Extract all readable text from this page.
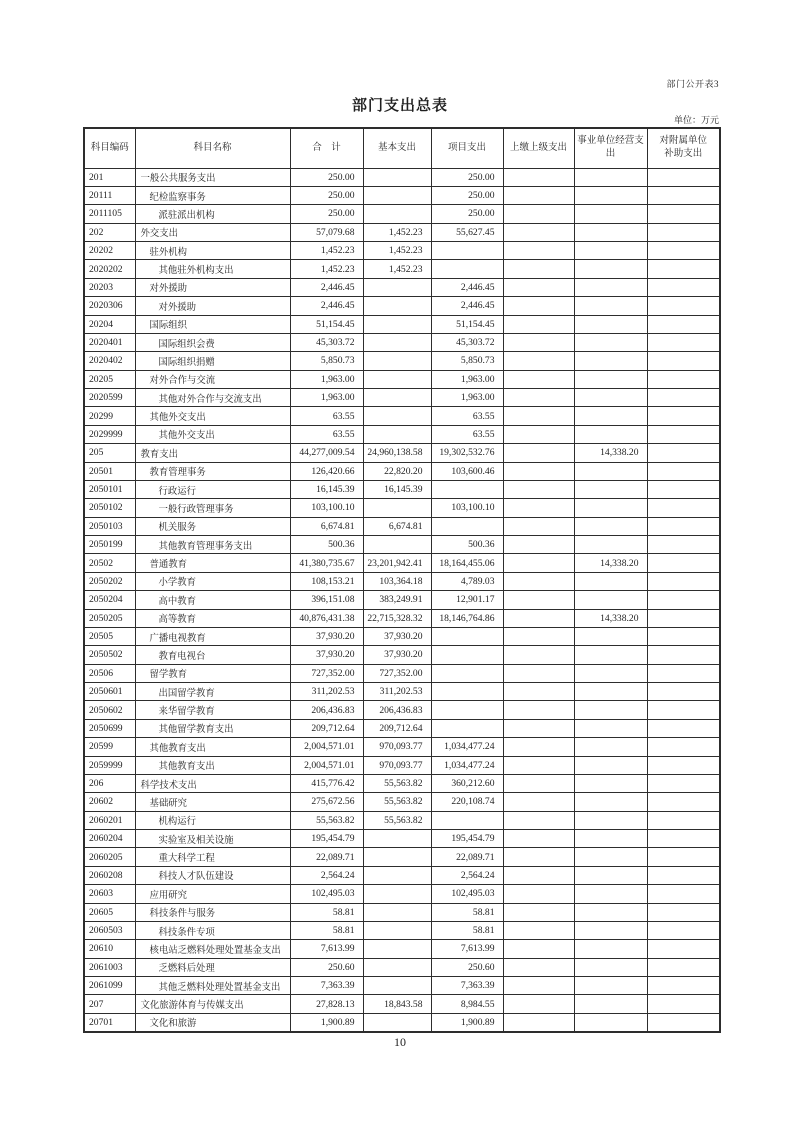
部门公开表3
部门支出总表
单位：万元
科目编码	科目名称	合　计	基本支出	项目支出	上缴上级支出	事业单位经营支出	对附属单位补助支出
201	一般公共服务支出	250.00		250.00			
20111	纪检监察事务	250.00		250.00			
2011105	派驻派出机构	250.00		250.00			
202	外交支出	57,079.68	1,452.23	55,627.45			
20202	驻外机构	1,452.23	1,452.23				
2020202	其他驻外机构支出	1,452.23	1,452.23				
20203	对外援助	2,446.45		2,446.45			
2020306	对外援助	2,446.45		2,446.45			
20204	国际组织	51,154.45		51,154.45			
2020401	国际组织会费	45,303.72		45,303.72			
2020402	国际组织捐赠	5,850.73		5,850.73			
20205	对外合作与交流	1,963.00		1,963.00			
2020599	其他对外合作与交流支出	1,963.00		1,963.00			
20299	其他外交支出	63.55		63.55			
2029999	其他外交支出	63.55		63.55			
205	教育支出	44,277,009.54	24,960,138.58	19,302,532.76		14,338.20	
20501	教育管理事务	126,420.66	22,820.20	103,600.46			
2050101	行政运行	16,145.39	16,145.39				
2050102	一般行政管理事务	103,100.10		103,100.10			
2050103	机关服务	6,674.81	6,674.81				
2050199	其他教育管理事务支出	500.36		500.36			
20502	普通教育	41,380,735.67	23,201,942.41	18,164,455.06		14,338.20	
2050202	小学教育	108,153.21	103,364.18	4,789.03			
2050204	高中教育	396,151.08	383,249.91	12,901.17			
2050205	高等教育	40,876,431.38	22,715,328.32	18,146,764.86		14,338.20	
20505	广播电视教育	37,930.20	37,930.20				
2050502	教育电视台	37,930.20	37,930.20				
20506	留学教育	727,352.00	727,352.00				
2050601	出国留学教育	311,202.53	311,202.53				
2050602	来华留学教育	206,436.83	206,436.83				
2050699	其他留学教育支出	209,712.64	209,712.64				
20599	其他教育支出	2,004,571.01	970,093.77	1,034,477.24			
2059999	其他教育支出	2,004,571.01	970,093.77	1,034,477.24			
206	科学技术支出	415,776.42	55,563.82	360,212.60			
20602	基础研究	275,672.56	55,563.82	220,108.74			
2060201	机构运行	55,563.82	55,563.82				
2060204	实验室及相关设施	195,454.79		195,454.79			
2060205	重大科学工程	22,089.71		22,089.71			
2060208	科技人才队伍建设	2,564.24		2,564.24			
20603	应用研究	102,495.03		102,495.03			
20605	科技条件与服务	58.81		58.81			
2060503	科技条件专项	58.81		58.81			
20610	核电站乏燃料处理处置基金支出	7,613.99		7,613.99			
2061003	乏燃料后处理	250.60		250.60			
2061099	其他乏燃料处理处置基金支出	7,363.39		7,363.39			
207	文化旅游体育与传媒支出	27,828.13	18,843.58	8,984.55			
20701	文化和旅游	1,900.89		1,900.89			
10
